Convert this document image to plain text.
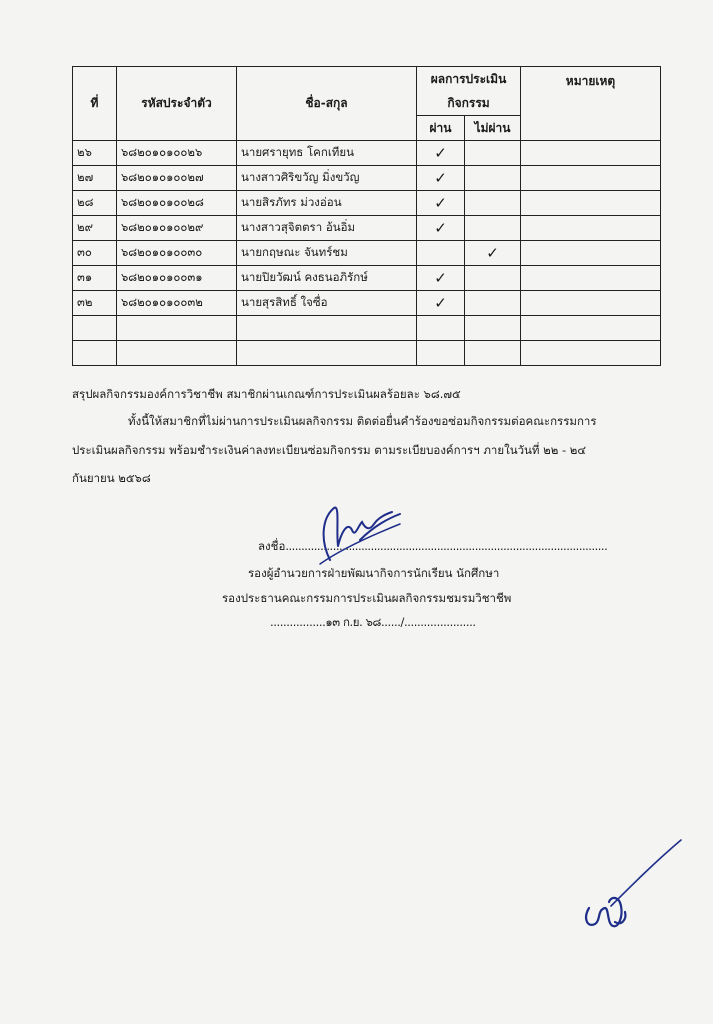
ที่	รหัสประจำตัว	ชื่อ-สกุล	ผลการประเมิน		หมายเหตุ
			กิจกรรม		
			ผ่าน	ไม่ผ่าน	
๒๖	๖๘๒๐๑๐๑๐๐๒๖	นายศรายุทธ โคกเทียน	✓		
๒๗	๖๘๒๐๑๐๑๐๐๒๗	นางสาวศิริขวัญ มิ่งขวัญ	✓		
๒๘	๖๘๒๐๑๐๑๐๐๒๘	นายสิรภัทร ม่วงอ่อน	✓		
๒๙	๖๘๒๐๑๐๑๐๐๒๙	นางสาวสุจิตตรา อ้นอิ่ม	✓		
๓๐	๖๘๒๐๑๐๑๐๐๓๐	นายกฤษณะ จันทร์ชม		✓	
๓๑	๖๘๒๐๑๐๑๐๐๓๑	นายปิยวัฒน์ คงธนอภิรักษ์	✓		
๓๒	๖๘๒๐๑๐๑๐๐๓๒	นายสุรสิทธิ์ ใจซื่อ	✓		

สรุปผลกิจกรรมองค์การวิชาชีพ สมาชิกผ่านเกณฑ์การประเมินผลร้อยละ ๖๘.๗๕
ทั้งนี้ให้สมาชิกที่ไม่ผ่านการประเมินผลกิจกรรม ติดต่อยื่นคำร้องขอซ่อมกิจกรรมต่อคณะกรรมการ
ประเมินผลกิจกรรม พร้อมชำระเงินค่าลงทะเบียนซ่อมกิจกรรม ตามระเบียบองค์การฯ ภายในวันที่ ๒๒ - ๒๔
กันยายน ๒๕๖๘
ลงชื่อ......................................................................................................
รองผู้อำนวยการฝ่ายพัฒนากิจการนักเรียน นักศึกษา
รองประธานคณะกรรมการประเมินผลกิจกรรมชมรมวิชาชีพ
.................๑๓ ก.ย. ๖๘....../......................
